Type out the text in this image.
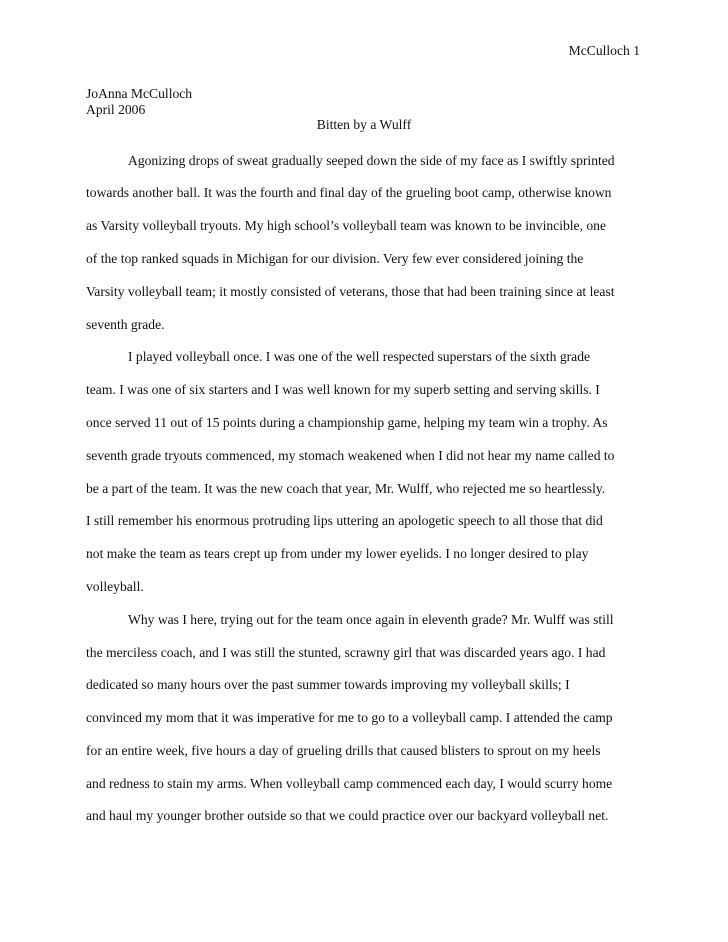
McCulloch 1
JoAnna McCulloch
April 2006
Bitten by a Wulff
Agonizing drops of sweat gradually seeped down the side of my face as I swiftly sprinted
towards another ball. It was the fourth and final day of the grueling boot camp, otherwise known
as Varsity volleyball tryouts. My high school’s volleyball team was known to be invincible, one
of the top ranked squads in Michigan for our division. Very few ever considered joining the
Varsity volleyball team; it mostly consisted of veterans, those that had been training since at least
seventh grade.
I played volleyball once. I was one of the well respected superstars of the sixth grade
team. I was one of six starters and I was well known for my superb setting and serving skills. I
once served 11 out of 15 points during a championship game, helping my team win a trophy. As
seventh grade tryouts commenced, my stomach weakened when I did not hear my name called to
be a part of the team. It was the new coach that year, Mr. Wulff, who rejected me so heartlessly.
I still remember his enormous protruding lips uttering an apologetic speech to all those that did
not make the team as tears crept up from under my lower eyelids. I no longer desired to play
volleyball.
Why was I here, trying out for the team once again in eleventh grade? Mr. Wulff was still
the merciless coach, and I was still the stunted, scrawny girl that was discarded years ago. I had
dedicated so many hours over the past summer towards improving my volleyball skills; I
convinced my mom that it was imperative for me to go to a volleyball camp. I attended the camp
for an entire week, five hours a day of grueling drills that caused blisters to sprout on my heels
and redness to stain my arms. When volleyball camp commenced each day, I would scurry home
and haul my younger brother outside so that we could practice over our backyard volleyball net.
